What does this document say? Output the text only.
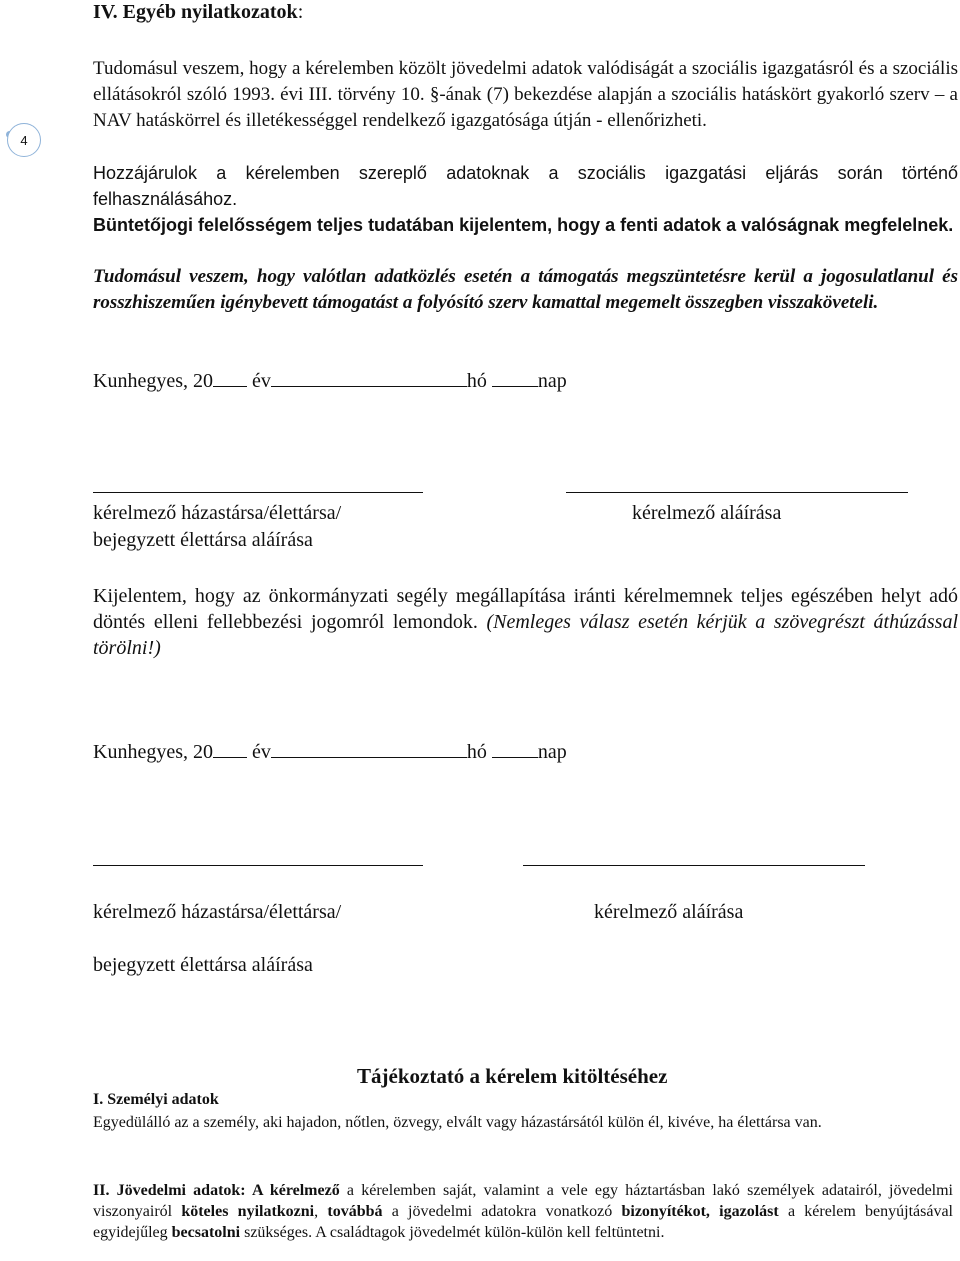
4
IV. Egyéb nyilatkozatok:
Tudomásul veszem, hogy a kérelemben közölt jövedelmi adatok valódiságát a szociális igazgatásról és a szociális ellátásokról szóló 1993. évi III. törvény 10. §-ának (7) bekezdése alapján a szociális hatáskört gyakorló szerv – a NAV hatáskörrel és illetékességgel rendelkező igazgatósága útján - ellenőrizheti.
Hozzájárulok a kérelemben szereplő adatoknak a szociális igazgatási eljárás során történő felhasználásához.
Büntetőjogi felelősségem teljes tudatában kijelentem, hogy a fenti adatok a valóságnak megfelelnek.
Tudomásul veszem, hogy valótlan adatközlés esetén a támogatás megszüntetésre kerül a jogosulatlanul és rosszhiszeműen igénybevett támogatást a folyósító szerv kamattal megemelt összegben visszaköveteli.
Kunhegyes, 20 év	hó	nap
kérelmező házastársa/élettársa/
bejegyzett élettársa aláírása
kérelmező aláírása
Kijelentem, hogy az önkormányzati segély megállapítása iránti kérelmemnek teljes egészében helyt adó döntés elleni fellebbezési jogomról lemondok. (Nemleges válasz esetén kérjük a szövegrészt áthúzással törölni!)
Kunhegyes, 20 év	hó	nap
kérelmező házastársa/élettársa/
bejegyzett élettársa aláírása
kérelmező aláírása
Tájékoztató a kérelem kitöltéséhez
I. Személyi adatok
Egyedülálló az a személy, aki hajadon, nőtlen, özvegy, elvált vagy házastársától külön él, kivéve, ha élettársa van.
II. Jövedelmi adatok: A kérelmező a kérelemben saját, valamint a vele egy háztartásban lakó személyek adatairól, jövedelmi viszonyairól köteles nyilatkozni, továbbá a jövedelmi adatokra vonatkozó bizonyítékot, igazolást a kérelem benyújtásával egyidejűleg becsatolni szükséges. A családtagok jövedelmét külön-külön kell feltüntetni.
